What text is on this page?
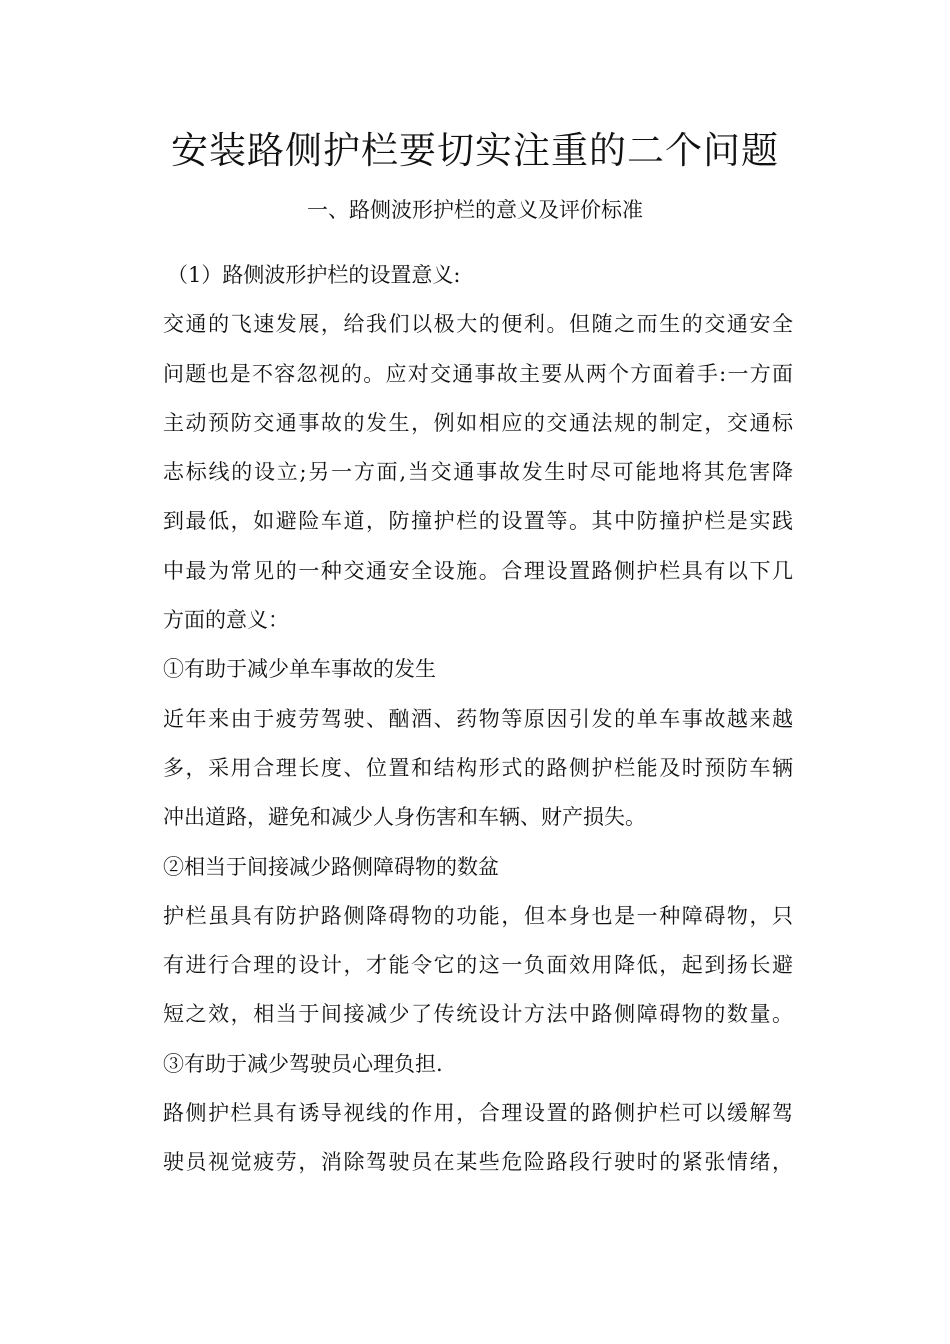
安装路侧护栏要切实注重的二个问题
一、路侧波形护栏的意义及评价标准
（1）路侧波形护栏的设置意义:
交通的飞速发展，给我们以极大的便利。但随之而生的交通安全
问题也是不容忽视的。应对交通事故主要从两个方面着手:一方面
主动预防交通事故的发生，例如相应的交通法规的制定，交通标
志标线的设立;另一方面,当交通事故发生时尽可能地将其危害降
到最低，如避险车道，防撞护栏的设置等。其中防撞护栏是实践
中最为常见的一种交通安全设施。合理设置路侧护栏具有以下几
方面的意义：
①有助于减少单车事故的发生
近年来由于疲劳驾驶、酗酒、药物等原因引发的单车事故越来越
多，采用合理长度、位置和结构形式的路侧护栏能及时预防车辆
冲出道路，避免和减少人身伤害和车辆、财产损失。
②相当于间接减少路侧障碍物的数盆
护栏虽具有防护路侧降碍物的功能，但本身也是一种障碍物，只
有进行合理的设计，才能令它的这一负面效用降低，起到扬长避
短之效，相当于间接减少了传统设计方法中路侧障碍物的数量。
③有助于减少驾驶员心理负担.
路侧护栏具有诱导视线的作用，合理设置的路侧护栏可以缓解驾
驶员视觉疲劳，消除驾驶员在某些危险路段行驶时的紧张情绪，
